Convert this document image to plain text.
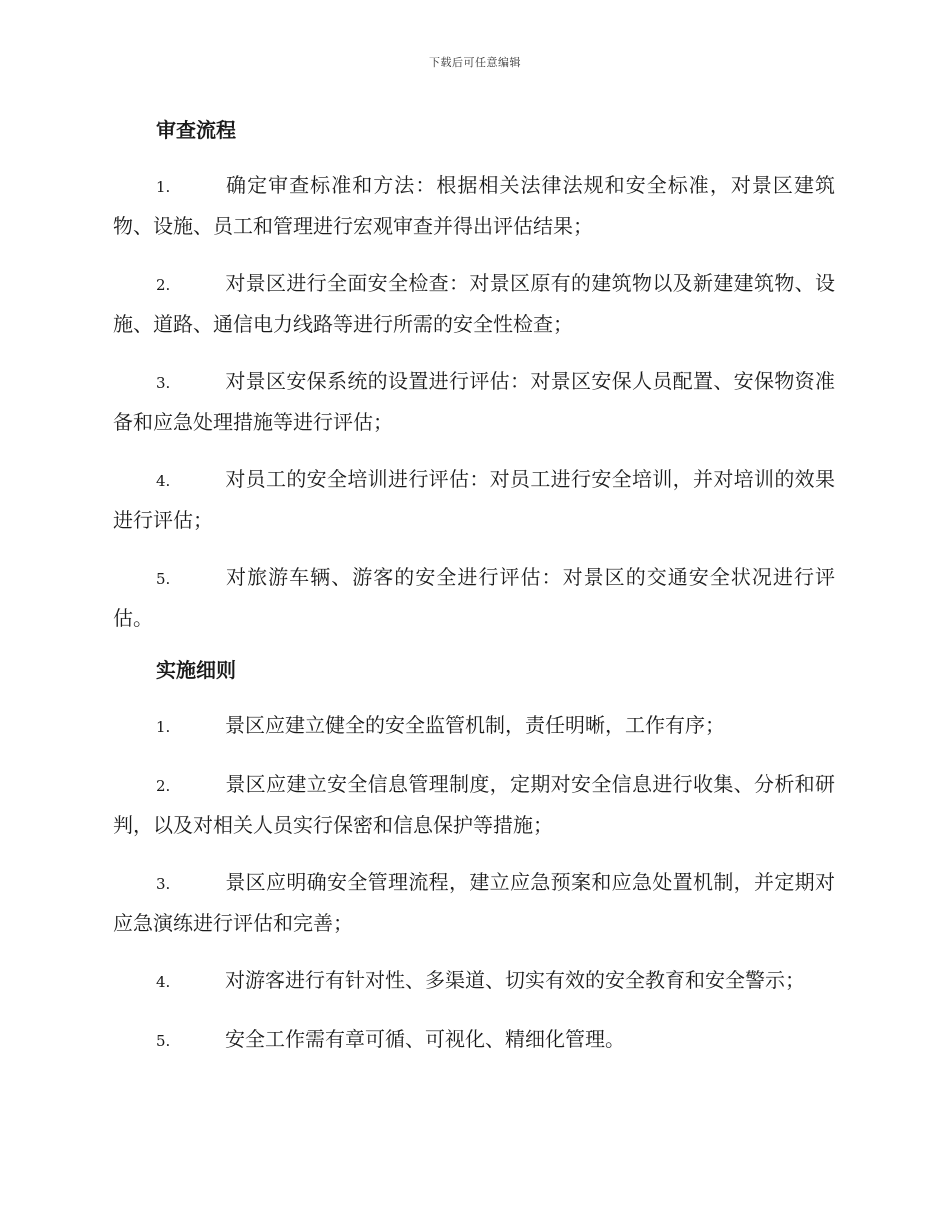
下载后可任意编辑
审查流程
1.	确定审查标准和方法：根据相关法律法规和安全标准，对景区建筑物、设施、员工和管理进行宏观审查并得出评估结果；
2.	对景区进行全面安全检查：对景区原有的建筑物以及新建建筑物、设施、道路、通信电力线路等进行所需的安全性检查；
3.	对景区安保系统的设置进行评估：对景区安保人员配置、安保物资准备和应急处理措施等进行评估；
4.	对员工的安全培训进行评估：对员工进行安全培训，并对培训的效果进行评估；
5.	对旅游车辆、游客的安全进行评估：对景区的交通安全状况进行评估。
实施细则
1.	景区应建立健全的安全监管机制，责任明晰，工作有序；
2.	景区应建立安全信息管理制度，定期对安全信息进行收集、分析和研判，以及对相关人员实行保密和信息保护等措施；
3.	景区应明确安全管理流程，建立应急预案和应急处置机制，并定期对应急演练进行评估和完善；
4.	对游客进行有针对性、多渠道、切实有效的安全教育和安全警示；
5.	安全工作需有章可循、可视化、精细化管理。
